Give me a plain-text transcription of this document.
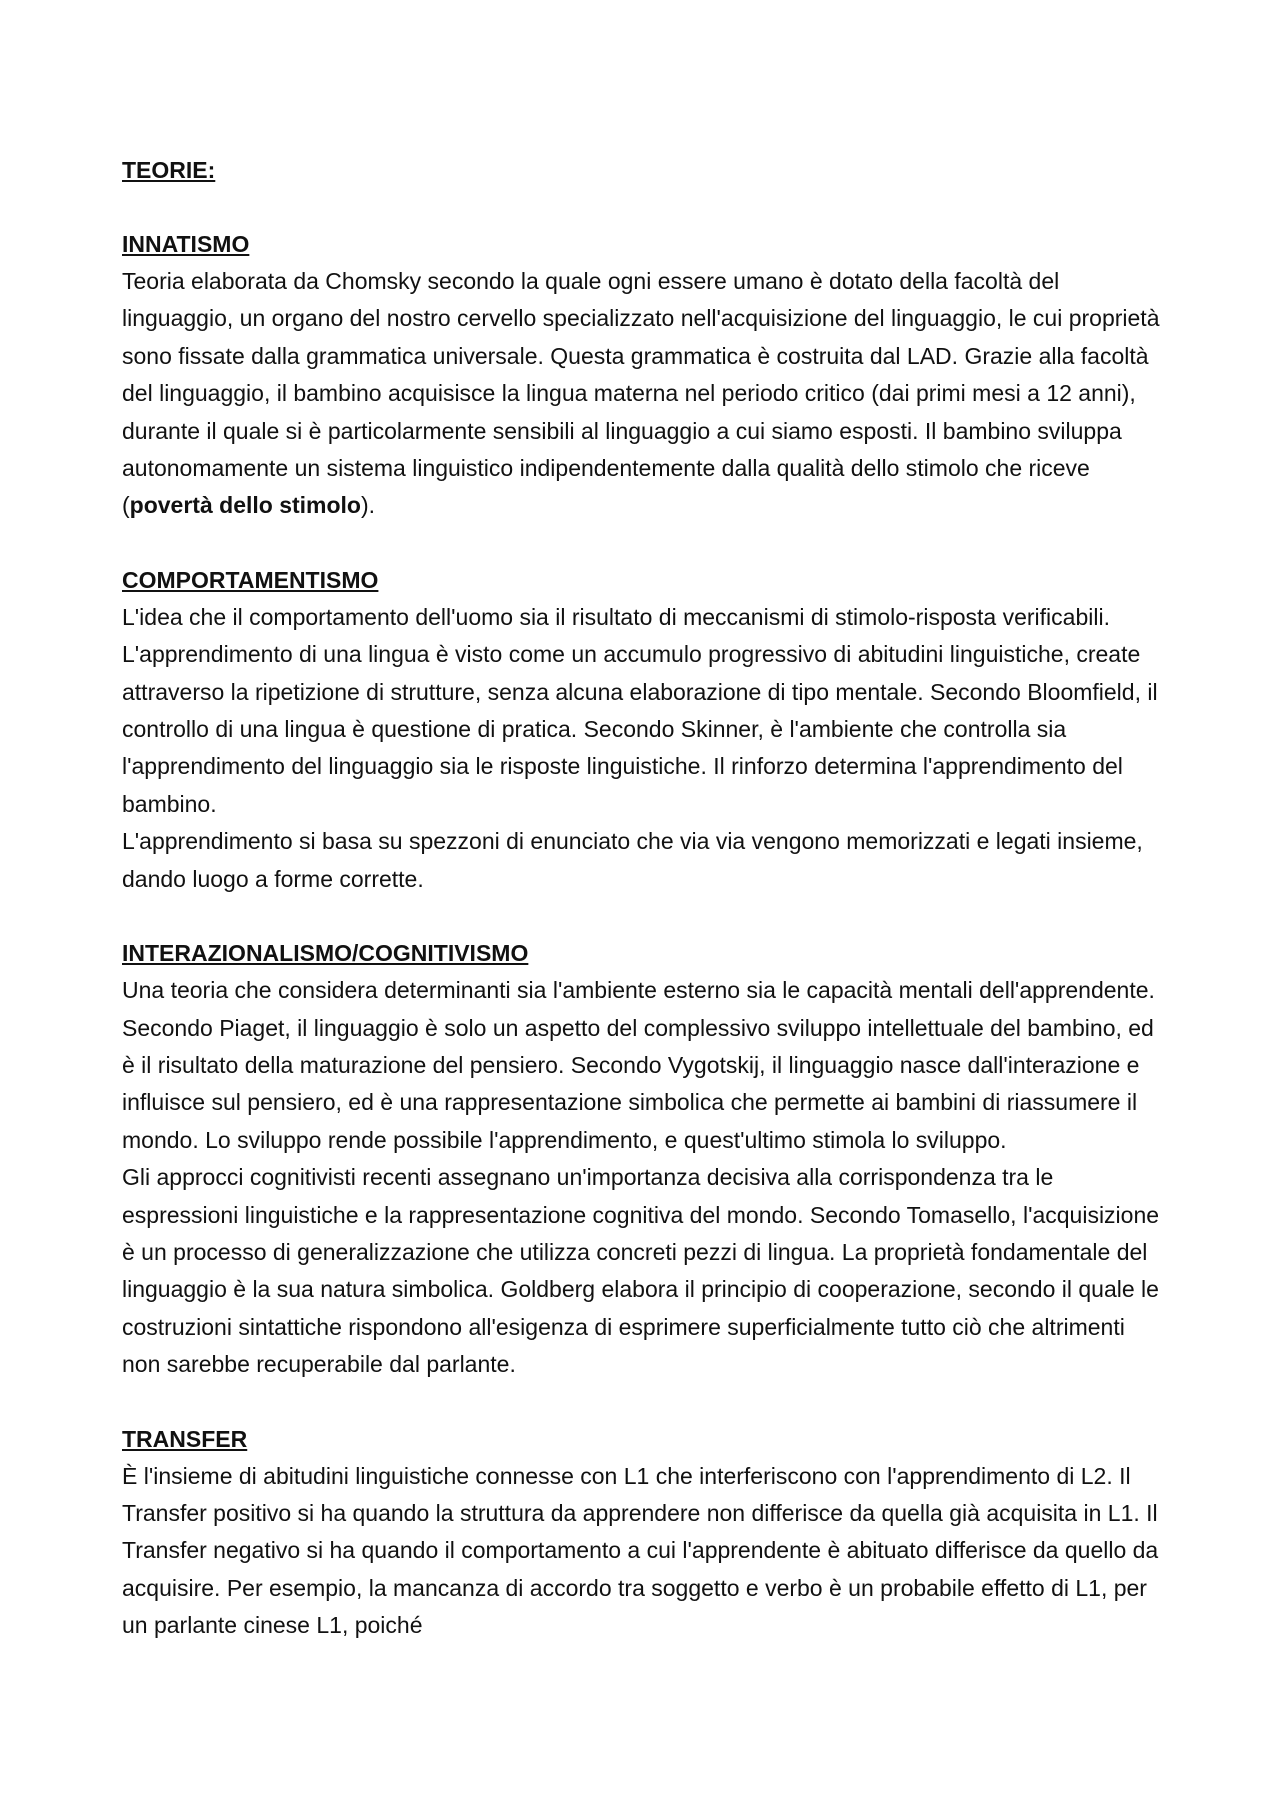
TEORIE:

INNATISMO

Teoria elaborata da Chomsky secondo la quale ogni essere umano è dotato della facoltà del linguaggio, un organo del nostro cervello specializzato nell'acquisizione del linguaggio, le cui proprietà sono fissate dalla grammatica universale. Questa grammatica è costruita dal LAD. Grazie alla facoltà del linguaggio, il bambino acquisisce la lingua materna nel periodo critico (dai primi mesi a 12 anni), durante il quale si è particolarmente sensibili al linguaggio a cui siamo esposti. Il bambino sviluppa autonomamente un sistema linguistico indipendentemente dalla qualità dello stimolo che riceve (povertà dello stimolo).

COMPORTAMENTISMO

L'idea che il comportamento dell'uomo sia il risultato di meccanismi di stimolo-risposta verificabili. L'apprendimento di una lingua è visto come un accumulo progressivo di abitudini linguistiche, create attraverso la ripetizione di strutture, senza alcuna elaborazione di tipo mentale. Secondo Bloomfield, il controllo di una lingua è questione di pratica. Secondo Skinner, è l'ambiente che controlla sia l'apprendimento del linguaggio sia le risposte linguistiche. Il rinforzo determina l'apprendimento del bambino.

L'apprendimento si basa su spezzoni di enunciato che via via vengono memorizzati e legati insieme, dando luogo a forme corrette.

INTERAZIONALISMO/COGNITIVISMO

Una teoria che considera determinanti sia l'ambiente esterno sia le capacità mentali dell'apprendente. Secondo Piaget, il linguaggio è solo un aspetto del complessivo sviluppo intellettuale del bambino, ed è il risultato della maturazione del pensiero. Secondo Vygotskij, il linguaggio nasce dall'interazione e influisce sul pensiero, ed è una rappresentazione simbolica che permette ai bambini di riassumere il mondo. Lo sviluppo rende possibile l'apprendimento, e quest'ultimo stimola lo sviluppo.

Gli approcci cognitivisti recenti assegnano un'importanza decisiva alla corrispondenza tra le espressioni linguistiche e la rappresentazione cognitiva del mondo. Secondo Tomasello, l'acquisizione è un processo di generalizzazione che utilizza concreti pezzi di lingua. La proprietà fondamentale del linguaggio è la sua natura simbolica. Goldberg elabora il principio di cooperazione, secondo il quale le costruzioni sintattiche rispondono all'esigenza di esprimere superficialmente tutto ciò che altrimenti non sarebbe recuperabile dal parlante.

TRANSFER

È l'insieme di abitudini linguistiche connesse con L1 che interferiscono con l'apprendimento di L2. Il Transfer positivo si ha quando la struttura da apprendere non differisce da quella già acquisita in L1. Il Transfer negativo si ha quando il comportamento a cui l'apprendente è abituato differisce da quello da acquisire. Per esempio, la mancanza di accordo tra soggetto e verbo è un probabile effetto di L1, per un parlante cinese L1, poiché
